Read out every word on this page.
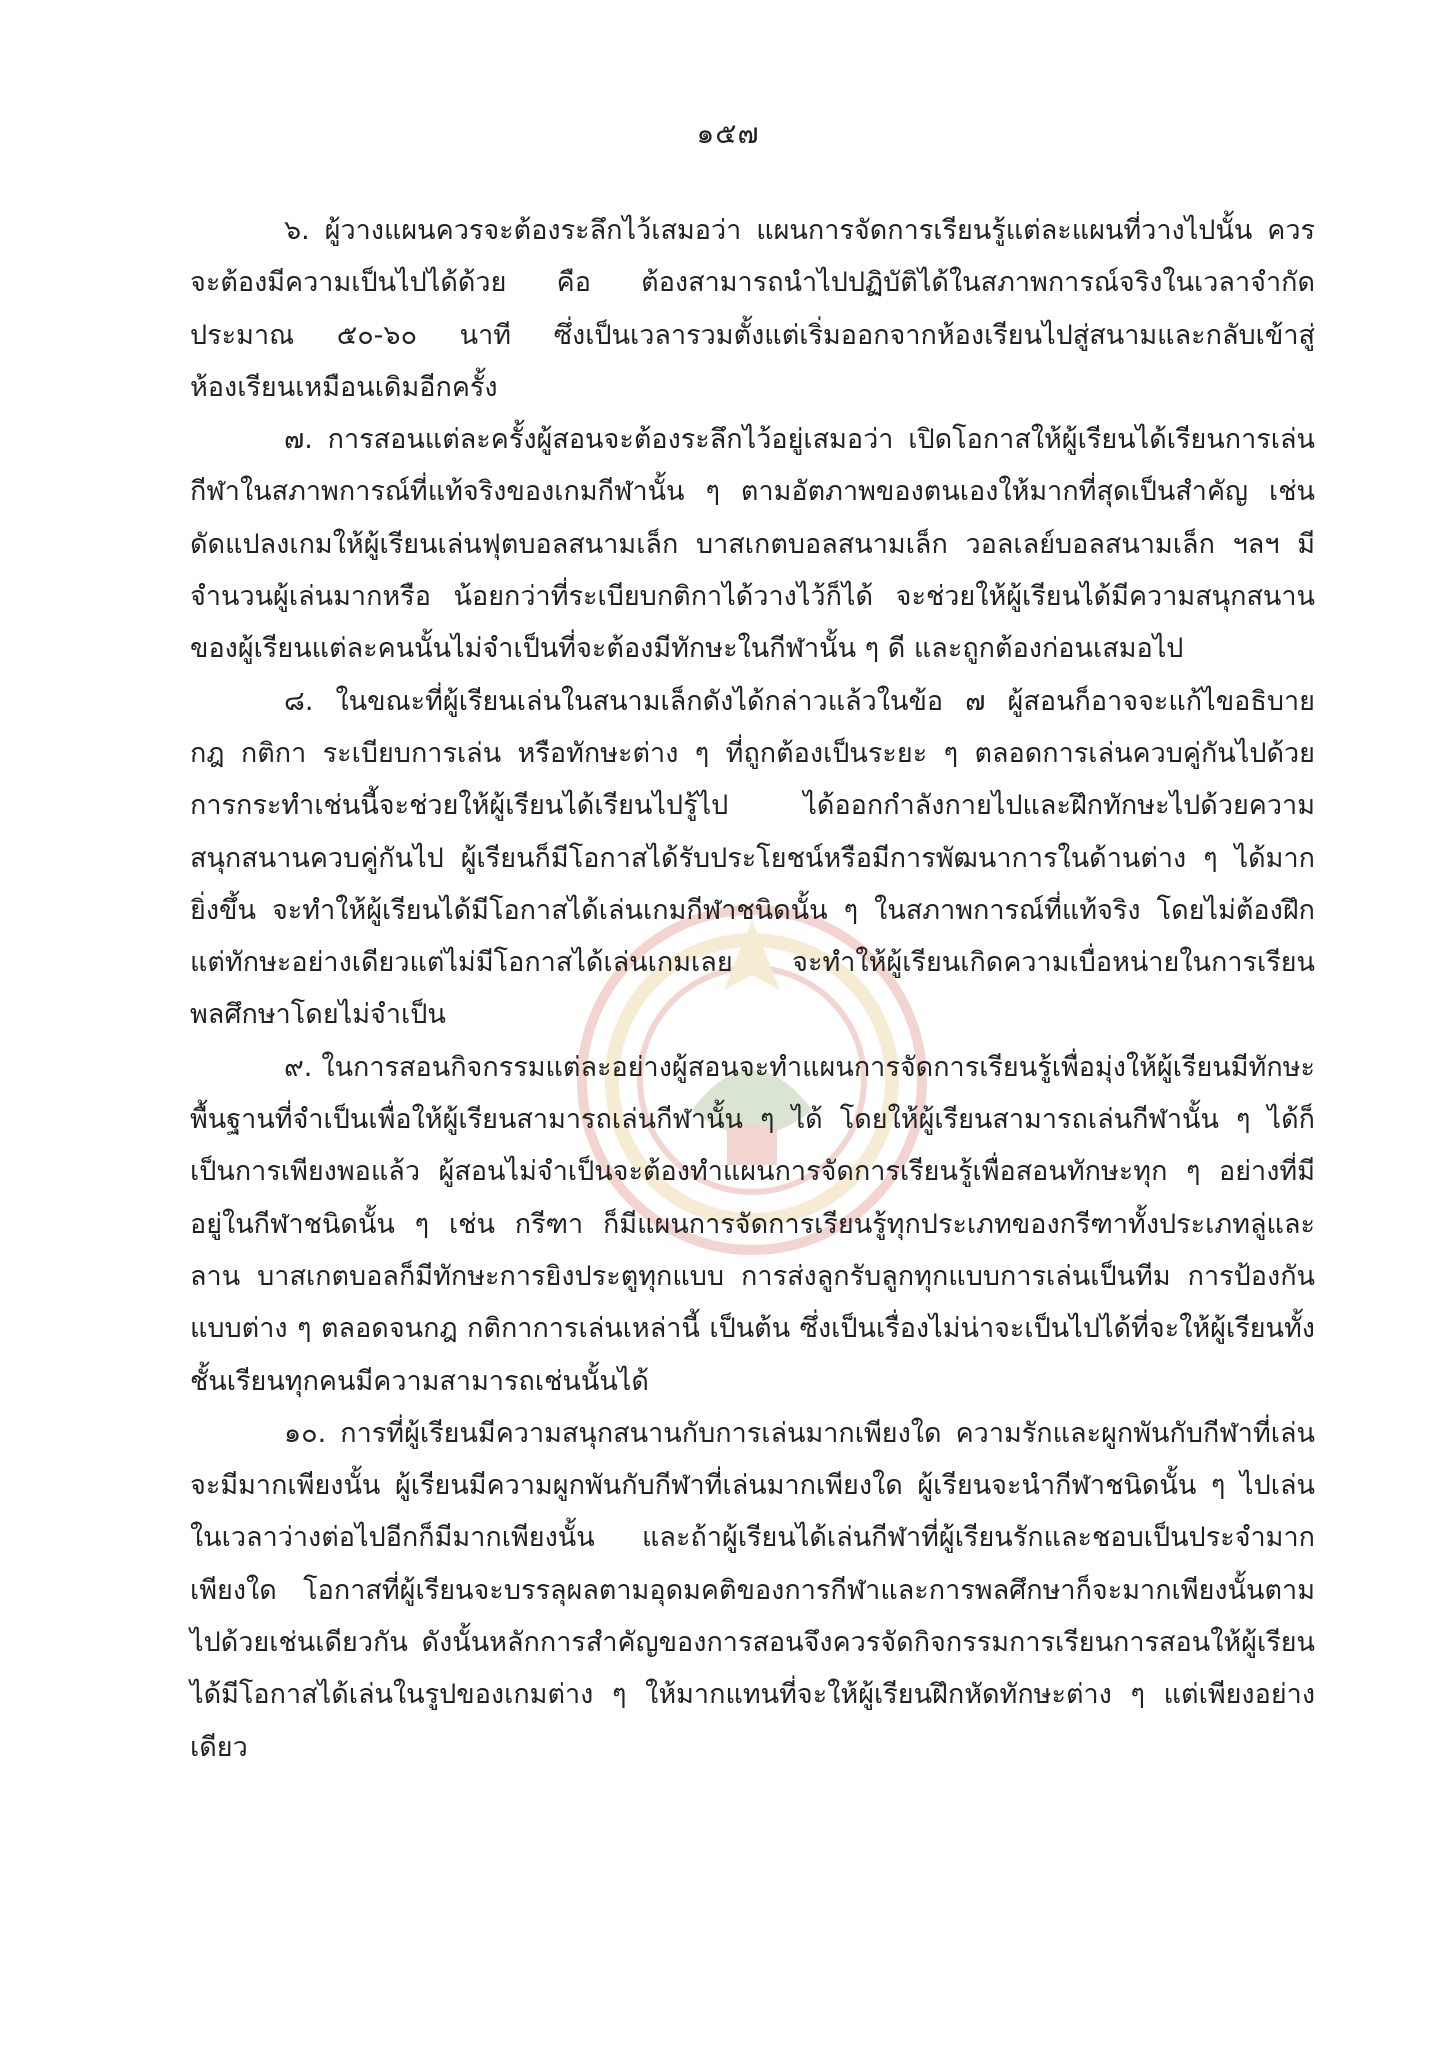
๑๕๗

๖. ผู้วางแผนควรจะต้องระลึกไว้เสมอว่า แผนการจัดการเรียนรู้แต่ละแผนที่วางไปนั้น ควรจะต้องมีความเป็นไปได้ด้วย คือ ต้องสามารถนำไปปฏิบัติได้ในสภาพการณ์จริงในเวลาจำกัด ประมาณ ๕๐-๖๐ นาที ซึ่งเป็นเวลารวมตั้งแต่เริ่มออกจากห้องเรียนไปสู่สนามและกลับเข้าสู่ห้องเรียนเหมือนเดิมอีกครั้ง

๗. การสอนแต่ละครั้งผู้สอนจะต้องระลึกไว้อยู่เสมอว่า เปิดโอกาสให้ผู้เรียนได้เรียนการเล่นกีฬาในสภาพการณ์ที่แท้จริงของเกมกีฬานั้น ๆ ตามอัตภาพของตนเองให้มากที่สุดเป็นสำคัญ เช่น ดัดแปลงเกมให้ผู้เรียนเล่นฟุตบอลสนามเล็ก บาสเกตบอลสนามเล็ก วอลเลย์บอลสนามเล็ก ฯลฯ มีจำนวนผู้เล่นมากหรือ น้อยกว่าที่ระเบียบกติกาได้วางไว้ก็ได้ จะช่วยให้ผู้เรียนได้มีความสนุกสนานของผู้เรียนแต่ละคนนั้นไม่จำเป็นที่จะต้องมีทักษะในกีฬานั้น ๆ ดี และถูกต้องก่อนเสมอไป

๘. ในขณะที่ผู้เรียนเล่นในสนามเล็กดังได้กล่าวแล้วในข้อ ๗ ผู้สอนก็อาจจะแก้ไขอธิบาย กฎ กติกา ระเบียบการเล่น หรือทักษะต่าง ๆ ที่ถูกต้องเป็นระยะ ๆ ตลอดการเล่นควบคู่กันไปด้วย การกระทำเช่นนี้จะช่วยให้ผู้เรียนได้เรียนไปรู้ไป ได้ออกกำลังกายไปและฝึกทักษะไปด้วยความสนุกสนานควบคู่กันไป ผู้เรียนก็มีโอกาสได้รับประโยชน์หรือมีการพัฒนาการในด้านต่าง ๆ ได้มากยิ่งขึ้น จะทำให้ผู้เรียนได้มีโอกาสได้เล่นเกมกีฬาชนิดนั้น ๆ ในสภาพการณ์ที่แท้จริง โดยไม่ต้องฝึกแต่ทักษะอย่างเดียวแต่ไม่มีโอกาสได้เล่นเกมเลย จะทำให้ผู้เรียนเกิดความเบื่อหน่ายในการเรียนพลศึกษาโดยไม่จำเป็น

๙. ในการสอนกิจกรรมแต่ละอย่างผู้สอนจะทำแผนการจัดการเรียนรู้เพื่อมุ่งให้ผู้เรียนมีทักษะพื้นฐานที่จำเป็นเพื่อให้ผู้เรียนสามารถเล่นกีฬานั้น ๆ ได้ โดยให้ผู้เรียนสามารถเล่นกีฬานั้น ๆ ได้ก็เป็นการเพียงพอแล้ว ผู้สอนไม่จำเป็นจะต้องทำแผนการจัดการเรียนรู้เพื่อสอนทักษะทุก ๆ อย่างที่มีอยู่ในกีฬาชนิดนั้น ๆ เช่น กรีฑา ก็มีแผนการจัดการเรียนรู้ทุกประเภทของกรีฑาทั้งประเภทลู่และลาน บาสเกตบอลก็มีทักษะการยิงประตูทุกแบบ การส่งลูกรับลูกทุกแบบการเล่นเป็นทีม การป้องกันแบบต่าง ๆ ตลอดจนกฎ กติกาการเล่นเหล่านี้ เป็นต้น ซึ่งเป็นเรื่องไม่น่าจะเป็นไปได้ที่จะให้ผู้เรียนทั้งชั้นเรียนทุกคนมีความสามารถเช่นนั้นได้

๑๐. การที่ผู้เรียนมีความสนุกสนานกับการเล่นมากเพียงใด ความรักและผูกพันกับกีฬาที่เล่นจะมีมากเพียงนั้น ผู้เรียนมีความผูกพันกับกีฬาที่เล่นมากเพียงใด ผู้เรียนจะนำกีฬาชนิดนั้น ๆ ไปเล่นในเวลาว่างต่อไปอีกก็มีมากเพียงนั้น และถ้าผู้เรียนได้เล่นกีฬาที่ผู้เรียนรักและชอบเป็นประจำมากเพียงใด โอกาสที่ผู้เรียนจะบรรลุผลตามอุดมคติของการกีฬาและการพลศึกษาก็จะมากเพียงนั้นตามไปด้วยเช่นเดียวกัน ดังนั้นหลักการสำคัญของการสอนจึงควรจัดกิจกรรมการเรียนการสอนให้ผู้เรียนได้มีโอกาสได้เล่นในรูปของเกมต่าง ๆ ให้มากแทนที่จะให้ผู้เรียนฝึกหัดทักษะต่าง ๆ แต่เพียงอย่างเดียว
